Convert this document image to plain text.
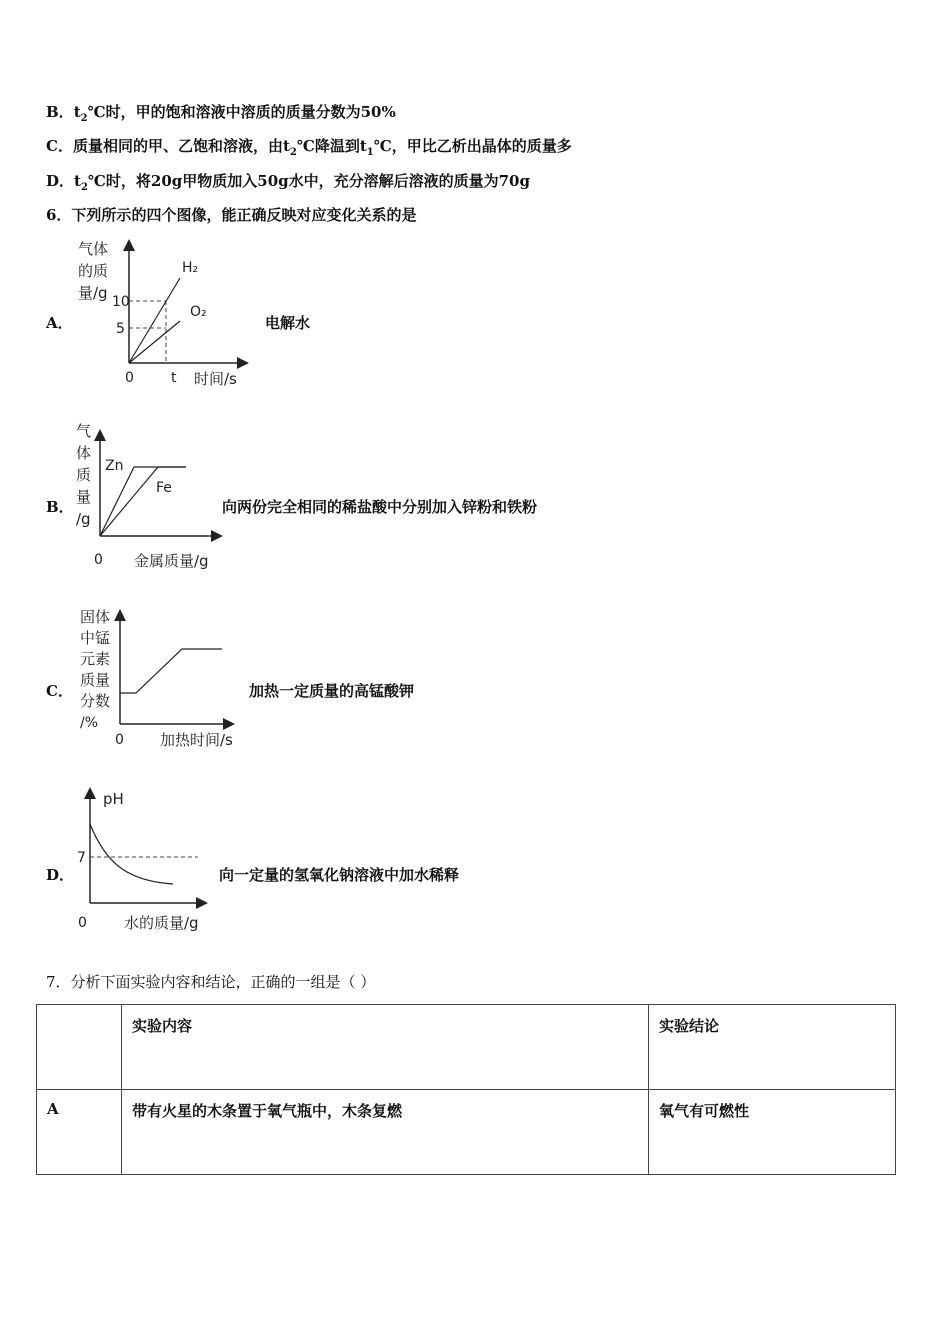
B．$t_2℃$时，甲的饱和溶液中溶质的质量分数为50%
C．质量相同的甲、乙饱和溶液，由$t_2℃$降温到$t_1℃$，甲比乙析出晶体的质量多
D．$t_2℃$时，将20g甲物质加入50g水中，充分溶解后溶液的质量为70g
6．下列所示的四个图像，能正确反映对应变化关系的是
A．
气体
的质
量/g
H₂
O₂
10
5
0	t 时间/s
电解水
B．
气
体
质
量
/g
Zn
Fe
0 金属质量/g
向两份完全相同的稀盐酸中分别加入锌粉和铁粉
C．
固体
中锰
元素
质量
分数
/%
0 加热时间/s
加热一定质量的高锰酸钾
D．
pH
7
0 水的质量/g
向一定量的氢氧化钠溶液中加水稀释
7．分析下面实验内容和结论，正确的一组是（ ）
	实验内容	实验结论
A	带有火星的木条置于氧气瓶中，木条复燃	氧气有可燃性
